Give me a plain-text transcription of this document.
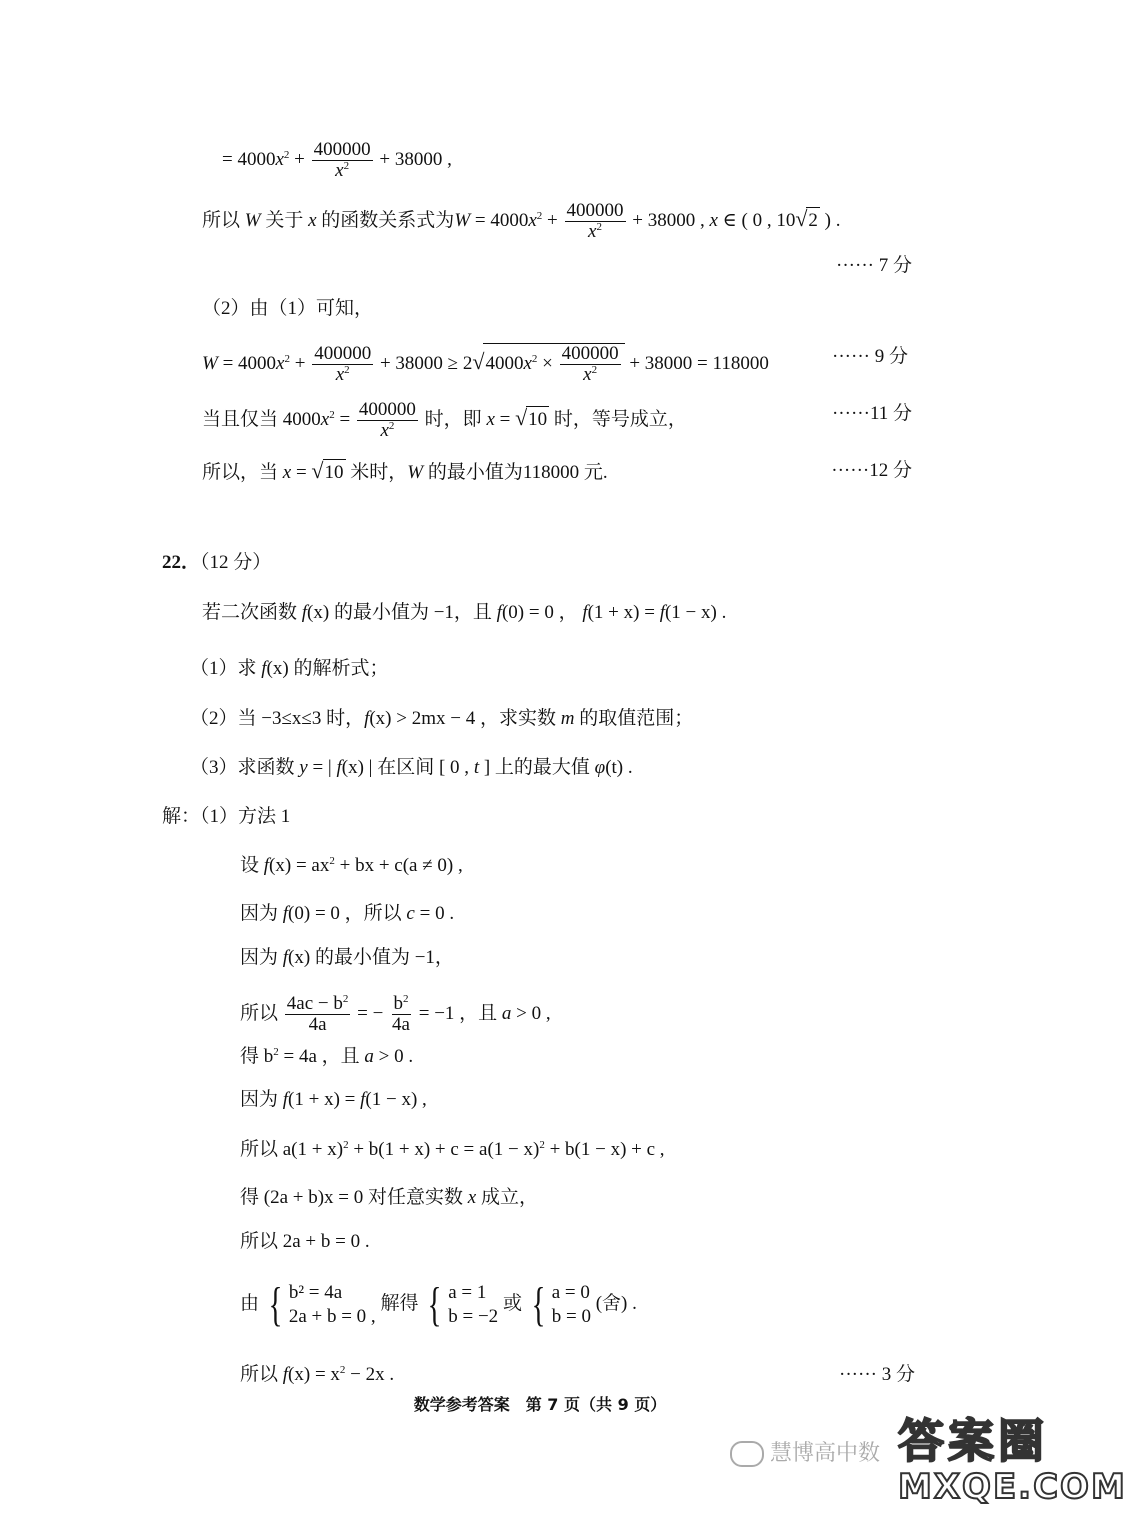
= $4000x^2 + \frac{400000}{x^2} + 38000$ ,
所以 W 关于 x 的函数关系式为$W = 4000x^2 + \frac{400000}{x^2} + 38000$ , x ∈ ( 0 , 10√2 ) .
······ 7 分
（2）由（1）可知，
$W = 4000x^2 + \frac{400000}{x^2} + 38000 \ge 2√4000x^2 \times \frac{400000}{x^2} + 38000 = 118000$	······ 9 分
当且仅当 $4000x^2 = \frac{400000}{x^2}$ 时，即 x = √10 时，等号成立，	······11 分
所以，当 x = √10 米时，W 的最小值为118000 元.	······12 分
22．（12 分）
若二次函数 f(x) 的最小值为 −1，且 f(0) = 0 ， f(1 + x) = f(1 − x) .
（1）求 f(x) 的解析式；
（2）当 −3≤x≤3 时，f(x) > 2mx − 4 ，求实数 m 的取值范围；
（3）求函数 y = | f(x) | 在区间 [ 0 , t ] 上的最大值 φ(t) .
解：（1）方法 1
设 $f(x) = ax^2$ + bx + c(a ≠ 0) ,
因为 f(0) = 0 ，所以 c = 0 .
因为 f(x) 的最小值为 −1，
所以 $\frac{4ac - b^2}{4a}$ = − $\frac{b^2}{4a} = -1$ ，且 a > 0 ,
得 $b^2 = 4a$ ，且 a > 0 .
因为 f(1 + x) = f(1 − x) ,
所以 $a(1 + x)^2 + b(1 + x) + c = a(1 - x)^2 + b(1 - x) + c$ ,
得 (2a + b)x = 0 对任意实数 x 成立，
所以 2a + b = 0 .
由 { b² = 4a
2a + b = 0 ,
解得 { a = 1
b = −2
或 { a = 0
b = 0
(舍) .
所以 $f(x) = x^2 - 2x$ .	······ 3 分
数学参考答案　第 7 页（共 9 页）
慧博高中数 答案圈
MXQE.COM
